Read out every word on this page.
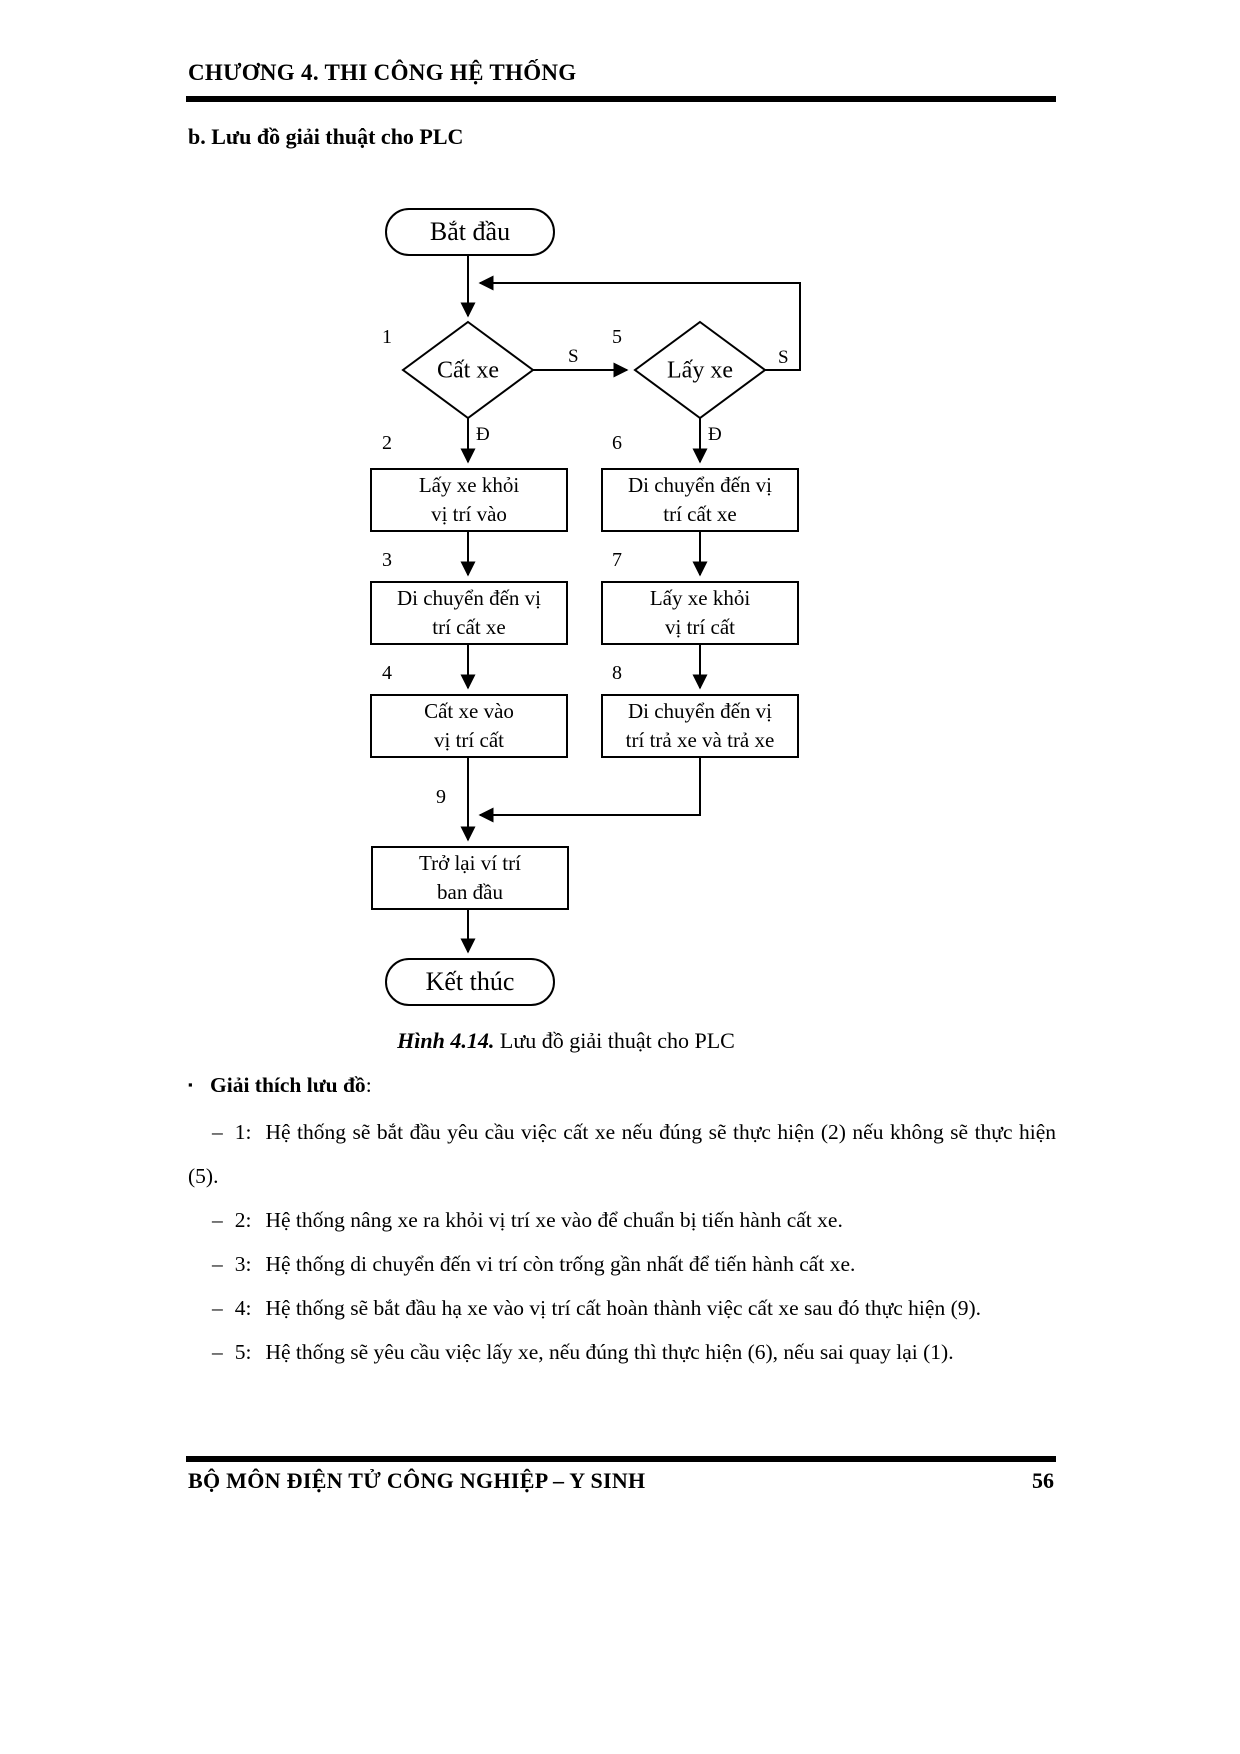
CHƯƠNG 4. THI CÔNG HỆ THỐNG
b. Lưu đồ giải thuật cho PLC
Bắt đầu
Kết thúc
Cất xe	Lấy xe
Lấy xe khỏi
vị trí vào
Di chuyển đến vị
trí cất xe
Cất xe vào
vị trí cất
Di chuyển đến vị
trí cất xe
Lấy xe khỏi
vị trí cất
Di chuyển đến vị
trí trả xe và trả xe
Trở lại ví trí
ban đầu
1	5
2	6
3	7
4	8
9
S	S
Đ	Đ
Hình 4.14. Lưu đồ giải thuật cho PLC

▪ Giải thích lưu đồ:

– 1: Hệ thống sẽ bắt đầu yêu cầu việc cất xe nếu đúng sẽ thực hiện (2) nếu không sẽ thực hiện (5).

– 2: Hệ thống nâng xe ra khỏi vị trí xe vào để chuẩn bị tiến hành cất xe.

– 3: Hệ thống di chuyển đến vi trí còn trống gần nhất để tiến hành cất xe.

– 4: Hệ thống sẽ bắt đầu hạ xe vào vị trí cất hoàn thành việc cất xe sau đó thực hiện (9).

– 5: Hệ thống sẽ yêu cầu việc lấy xe, nếu đúng thì thực hiện (6), nếu sai quay lại (1).

BỘ MÔN ĐIỆN TỬ CÔNG NGHIỆP – Y SINH	56
